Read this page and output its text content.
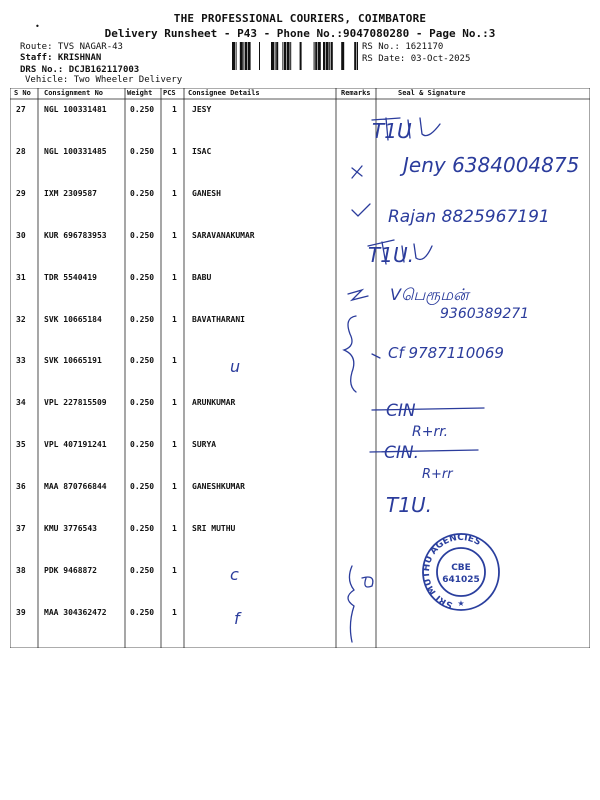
•
THE PROFESSIONAL COURIERS, COIMBATORE
Delivery Runsheet - P43 - Phone No.:9047080280 - Page No.:3
Route: TVS NAGAR-43
Staff: KRISHNAN
DRS No.: DCJB162117003
Vehicle: Two Wheeler Delivery
RS No.: 1621170
RS Date: 03-Oct-2025
S No Consignment No	Weight PCS Consignee Details	Remarks	Seal & Signature
27 NGL 100331481	0.250 1 JESY
28 NGL 100331485	0.250 1 ISAC
29 IXM 2309587	0.250 1 GANESH
30 KUR 696783953	0.250 1 SARAVANAKUMAR
31 TDR 5540419	0.250 1 BABU
32 SVK 10665184	0.250 1 BAVATHARANI
33 SVK 10665191	0.250 1
34 VPL 227815509	0.250 1 ARUNKUMAR
35 VPL 407191241	0.250 1 SURYA
36 MAA 870766844	0.250 1 GANESHKUMAR
37 KMU 3776543	0.250 1 SRI MUTHU
38 PDK 9468872	0.250 1
39 MAA 304362472	0.250 1
Jeny 6384004875
Rajan 8825967191
Vபெரூமன்
9360389271
Cf 9787110069
CIN
R+rr.
CIN.
R+rr
T1U.
u
c
f
SRI MUTHU AGENCIES
CBE
641025
★
T1U
T1U.
